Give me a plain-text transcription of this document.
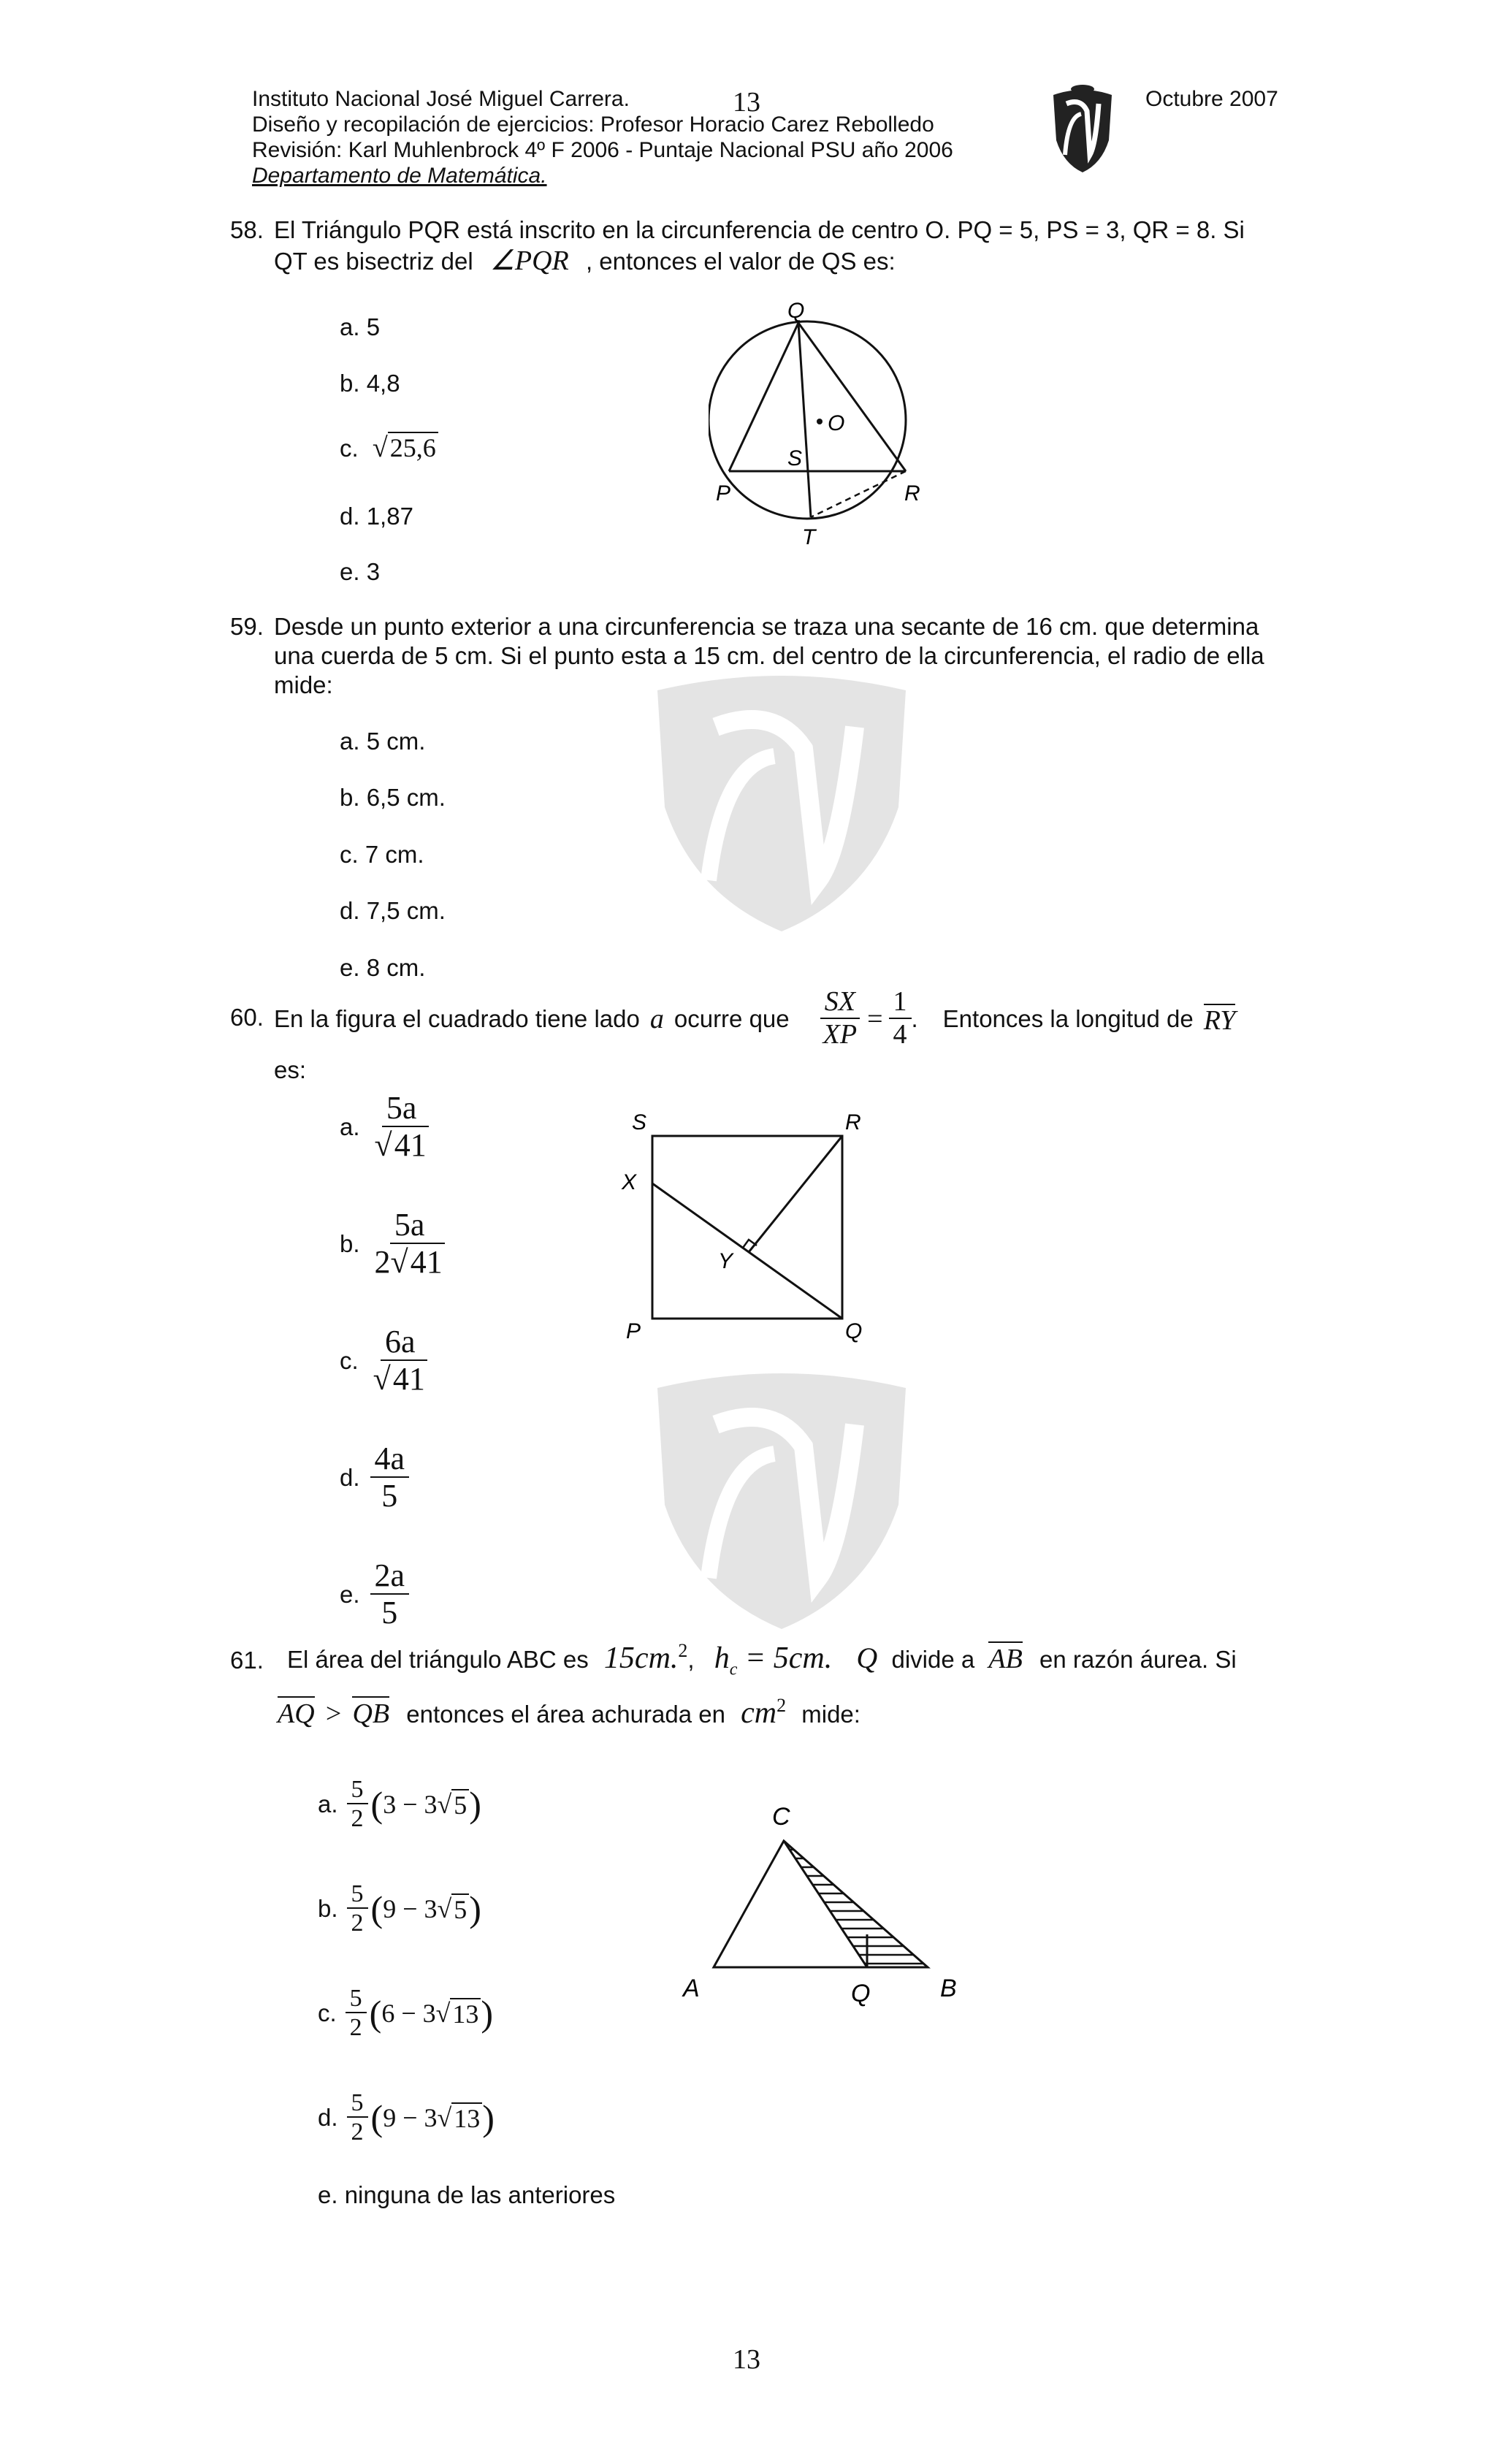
Instituto Nacional José Miguel Carrera.
Diseño y recopilación de ejercicios: Profesor Horacio Carez Rebolledo
Revisión: Karl Muhlenbrock 4º F 2006 - Puntaje Nacional PSU año 2006
Departamento de Matemática.
13	Octubre 2007
58. El Triángulo PQR está inscrito en la circunferencia de centro O. PQ = 5, PS = 3, QR = 8. Si
QT es bisectriz del ∠PQR , entonces el valor de QS es:
a. 5
b. 4,8
c. √25,6
d. 1,87
e. 3
Q
O
S
P	R
T
59. Desde un punto exterior a una circunferencia se traza una secante de 16 cm. que determina
una cuerda de 5 cm. Si el punto esta a 15 cm. del centro de la circunferencia, el radio de ella
mide:
a. 5 cm.
b. 6,5 cm.
c. 7 cm.
d. 7,5 cm.
e. 8 cm.
60. En la figura el cuadrado tiene lado a ocurre que $\frac{SX}{XP} = \frac{1}{4}$ . Entonces la longitud de RY
es:
a. $\frac{5a}{√41}$
b. $\frac{5a}{2√41}$
c. $\frac{6a}{√41}$
d. $\frac{4a}{5}$
e. $\frac{2a}{5}$
S	R
X
Y
P	Q
61. El área del triángulo ABC es 15cm.$^2$, $h_c = 5cm$. Q divide a AB en razón áurea. Si
AQ > QB entonces el área achurada en $cm^2$ mide:
a. $\frac{5}{2}$ ( 3 − 3 √ 5 )
b. $\frac{5}{2}$ ( 9 − 3 √ 5 )
c. $\frac{5}{2}$ ( 6 − 3 √ 13 )
d. $\frac{5}{2}$ ( 9 − 3 √ 13 )
e. ninguna de las anteriores
C
A	Q	B
13
